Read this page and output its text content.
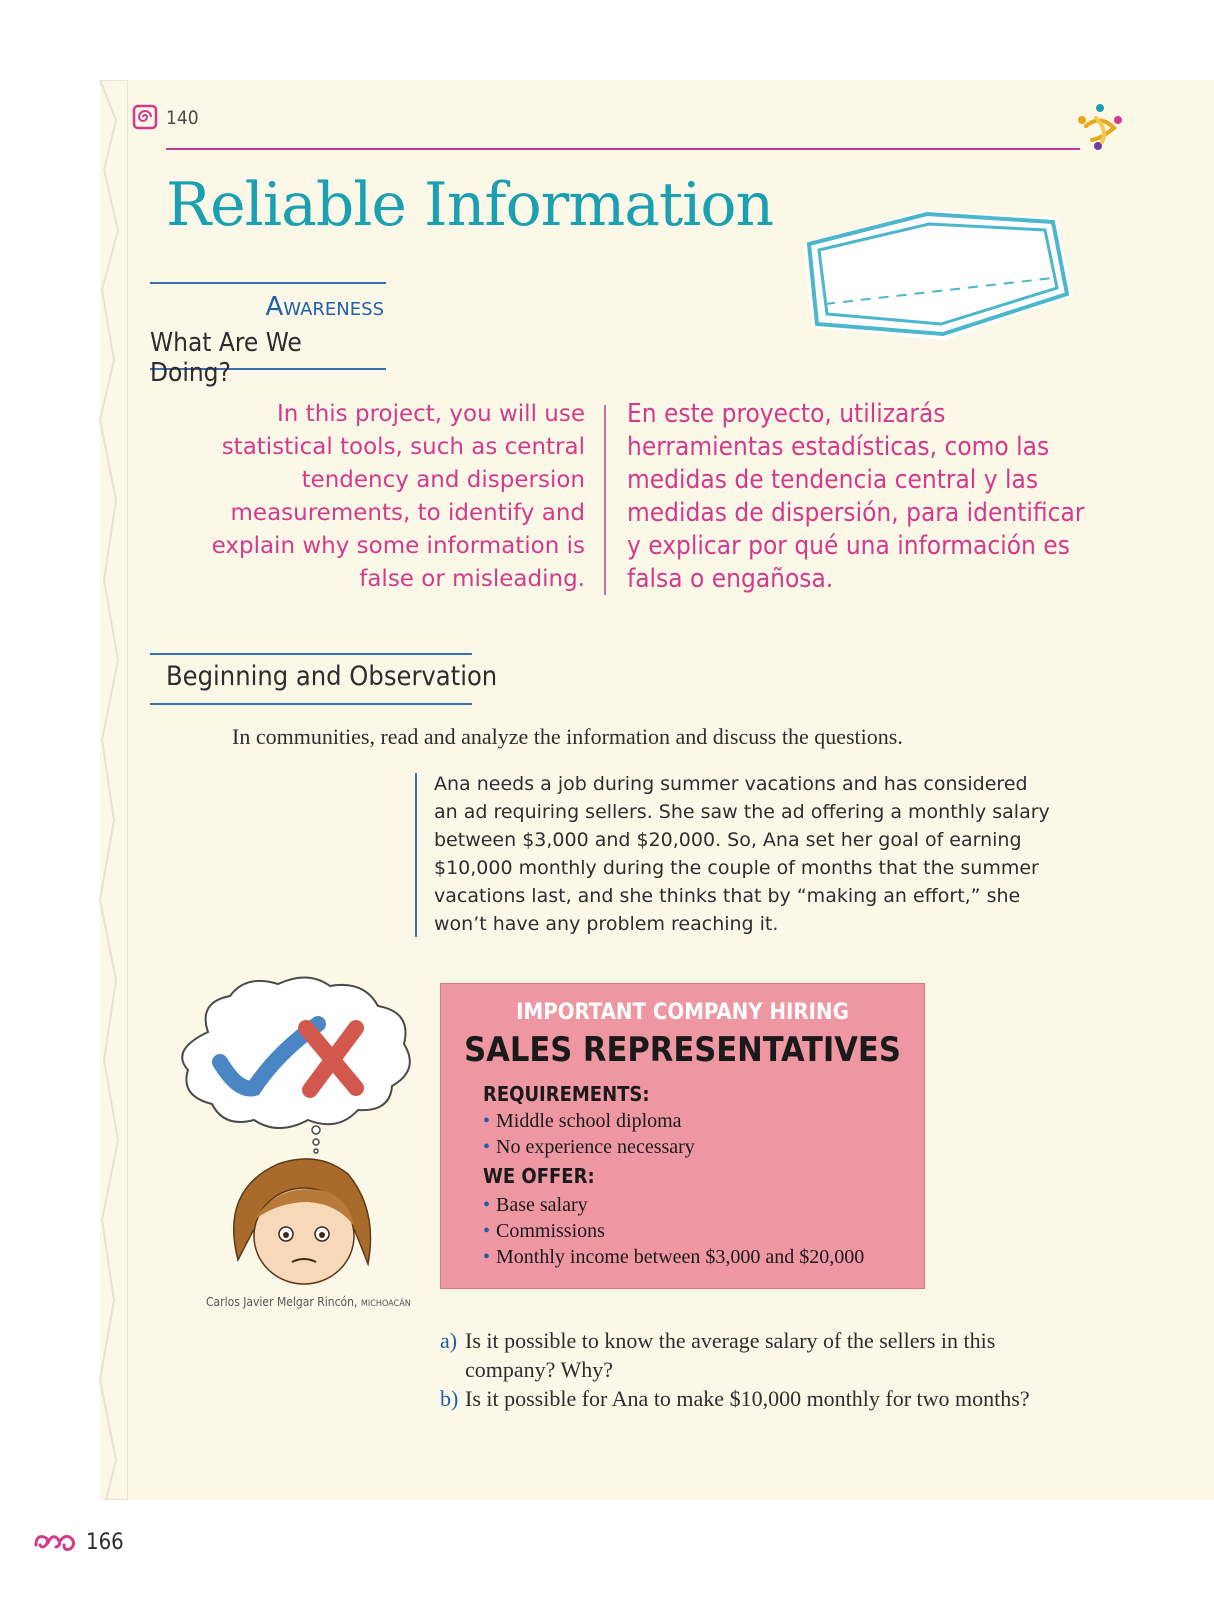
140
Reliable Information
Awareness
What Are We Doing?
In this project, you will use statistical tools, such as central tendency and dispersion measurements, to identify and explain why some information is false or misleading.
En este proyecto, utilizarás herramientas estadísticas, como las medidas de tendencia central y las medidas de dispersión, para identificar y explicar por qué una información es falsa o engañosa.
Beginning and Observation
In communities, read and analyze the information and discuss the questions.
Ana needs a job during summer vacations and has considered an ad requiring sellers. She saw the ad offering a monthly salary between $3,000 and $20,000. So, Ana set her goal of earning $10,000 monthly during the couple of months that the summer vacations last, and she thinks that by “making an effort,” she won’t have any problem reaching it.
Carlos Javier Melgar Rincón, MICHOACÁN
IMPORTANT COMPANY HIRING
SALES REPRESENTATIVES
REQUIREMENTS:
• Middle school diploma
• No experience necessary
WE OFFER:
• Base salary
• Commissions
• Monthly income between $3,000 and $20,000
a) Is it possible to know the average salary of the sellers in this company? Why?
b) Is it possible for Ana to make $10,000 monthly for two months?
166
